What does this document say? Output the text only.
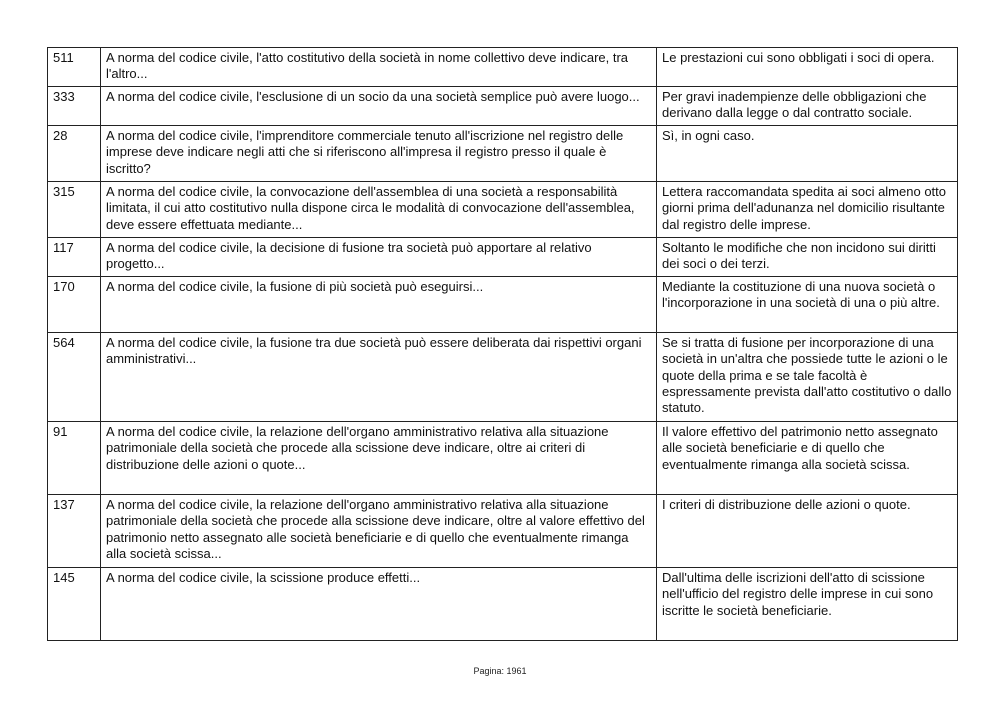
511	A norma del codice civile, l'atto costitutivo della società in nome collettivo deve indicare, tra l'altro...	Le prestazioni cui sono obbligati i soci di opera.
333	A norma del codice civile, l'esclusione di un socio da una società semplice può avere luogo...	Per gravi inadempienze delle obbligazioni che derivano dalla legge o dal contratto sociale.
28	A norma del codice civile, l'imprenditore commerciale tenuto all'iscrizione nel registro delle imprese deve indicare negli atti che si riferiscono all'impresa il registro presso il quale è iscritto?	Sì, in ogni caso.
315	A norma del codice civile, la convocazione dell'assemblea di una società a responsabilità limitata, il cui atto costitutivo nulla dispone circa le modalità di convocazione dell'assemblea, deve essere effettuata mediante...	Lettera raccomandata spedita ai soci almeno otto giorni prima dell'adunanza nel domicilio risultante dal registro delle imprese.
117	A norma del codice civile, la decisione di fusione tra società può apportare al relativo progetto...	Soltanto le modifiche che non incidono sui diritti dei soci o dei terzi.
170	A norma del codice civile, la fusione di più società può eseguirsi...	Mediante la costituzione di una nuova società o l'incorporazione in una società di una o più altre.
564	A norma del codice civile, la fusione tra due società può essere deliberata dai rispettivi organi amministrativi...	Se si tratta di fusione per incorporazione di una società in un'altra che possiede tutte le azioni o le quote della prima e se tale facoltà è espressamente prevista dall'atto costitutivo o dallo statuto.
91	A norma del codice civile, la relazione dell'organo amministrativo relativa alla situazione patrimoniale della società che procede alla scissione deve indicare, oltre ai criteri di distribuzione delle azioni o quote...	Il valore effettivo del patrimonio netto assegnato alle società beneficiarie e di quello che eventualmente rimanga alla società scissa.
137	A norma del codice civile, la relazione dell'organo amministrativo relativa alla situazione patrimoniale della società che procede alla scissione deve indicare, oltre al valore effettivo del patrimonio netto assegnato alle società beneficiarie e di quello che eventualmente rimanga alla società scissa...	I criteri di distribuzione delle azioni o quote.
145	A norma del codice civile, la scissione produce effetti...	Dall'ultima delle iscrizioni dell'atto di scissione nell'ufficio del registro delle imprese in cui sono iscritte le società beneficiarie.
Pagina: 1961
